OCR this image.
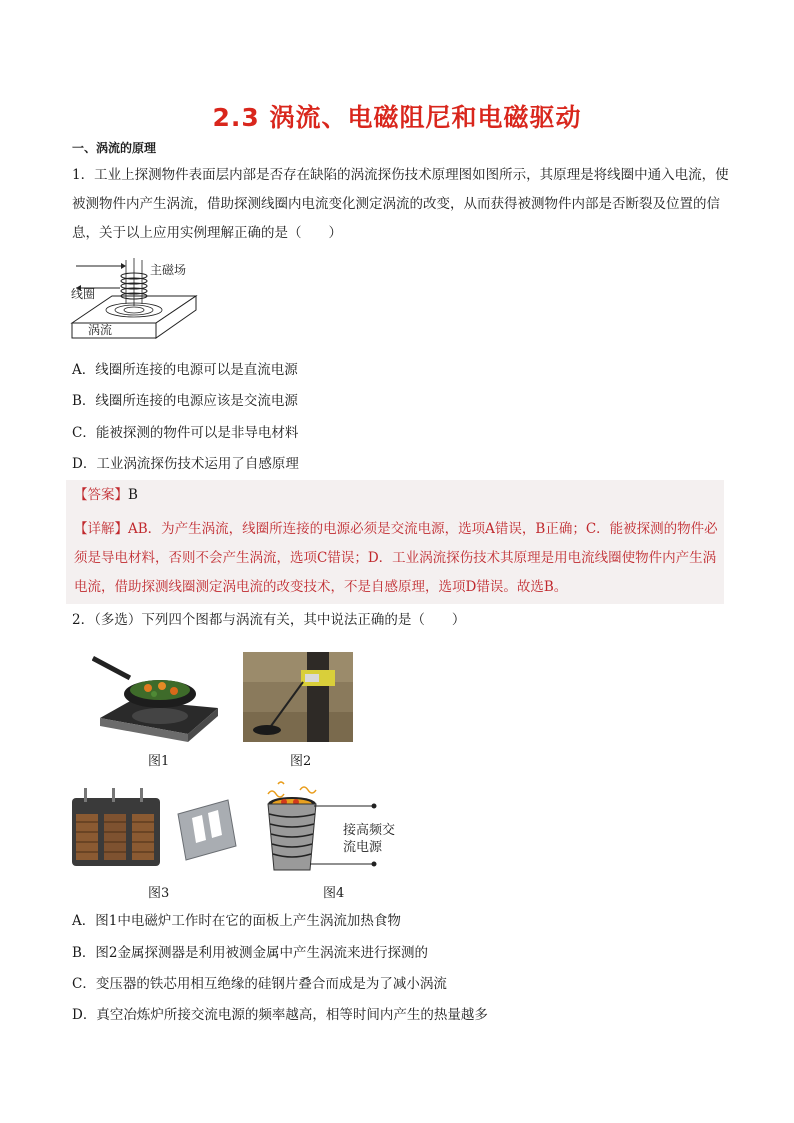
2.3 涡流、电磁阻尼和电磁驱动
一、涡流的原理
1．工业上探测物件表面层内部是否存在缺陷的涡流探伤技术原理图如图所示，其原理是将线圈中通入电流，使被测物件内产生涡流，借助探测线圈内电流变化测定涡流的改变，从而获得被测物件内部是否断裂及位置的信息，关于以上应用实例理解正确的是（　　）
主磁场
线圈
涡流
A．线圈所连接的电源可以是直流电源
B．线圈所连接的电源应该是交流电源
C．能被探测的物件可以是非导电材料
D．工业涡流探伤技术运用了自感原理
【答案】B
【详解】AB．为产生涡流，线圈所连接的电源必须是交流电源，选项A错误，B正确；C．能被探测的物件必须是导电材料，否则不会产生涡流，选项C错误；D．工业涡流探伤技术其原理是用电流线圈使物件内产生涡电流，借助探测线圈测定涡电流的改变技术，不是自感原理，选项D错误。故选B。
2．（多选）下列四个图都与涡流有关，其中说法正确的是（　　）
图1	图2
图3
接高频交
流电源
图4
A．图1中电磁炉工作时在它的面板上产生涡流加热食物
B．图2金属探测器是利用被测金属中产生涡流来进行探测的
C．变压器的铁芯用相互绝缘的硅钢片叠合而成是为了减小涡流
D．真空冶炼炉所接交流电源的频率越高，相等时间内产生的热量越多
